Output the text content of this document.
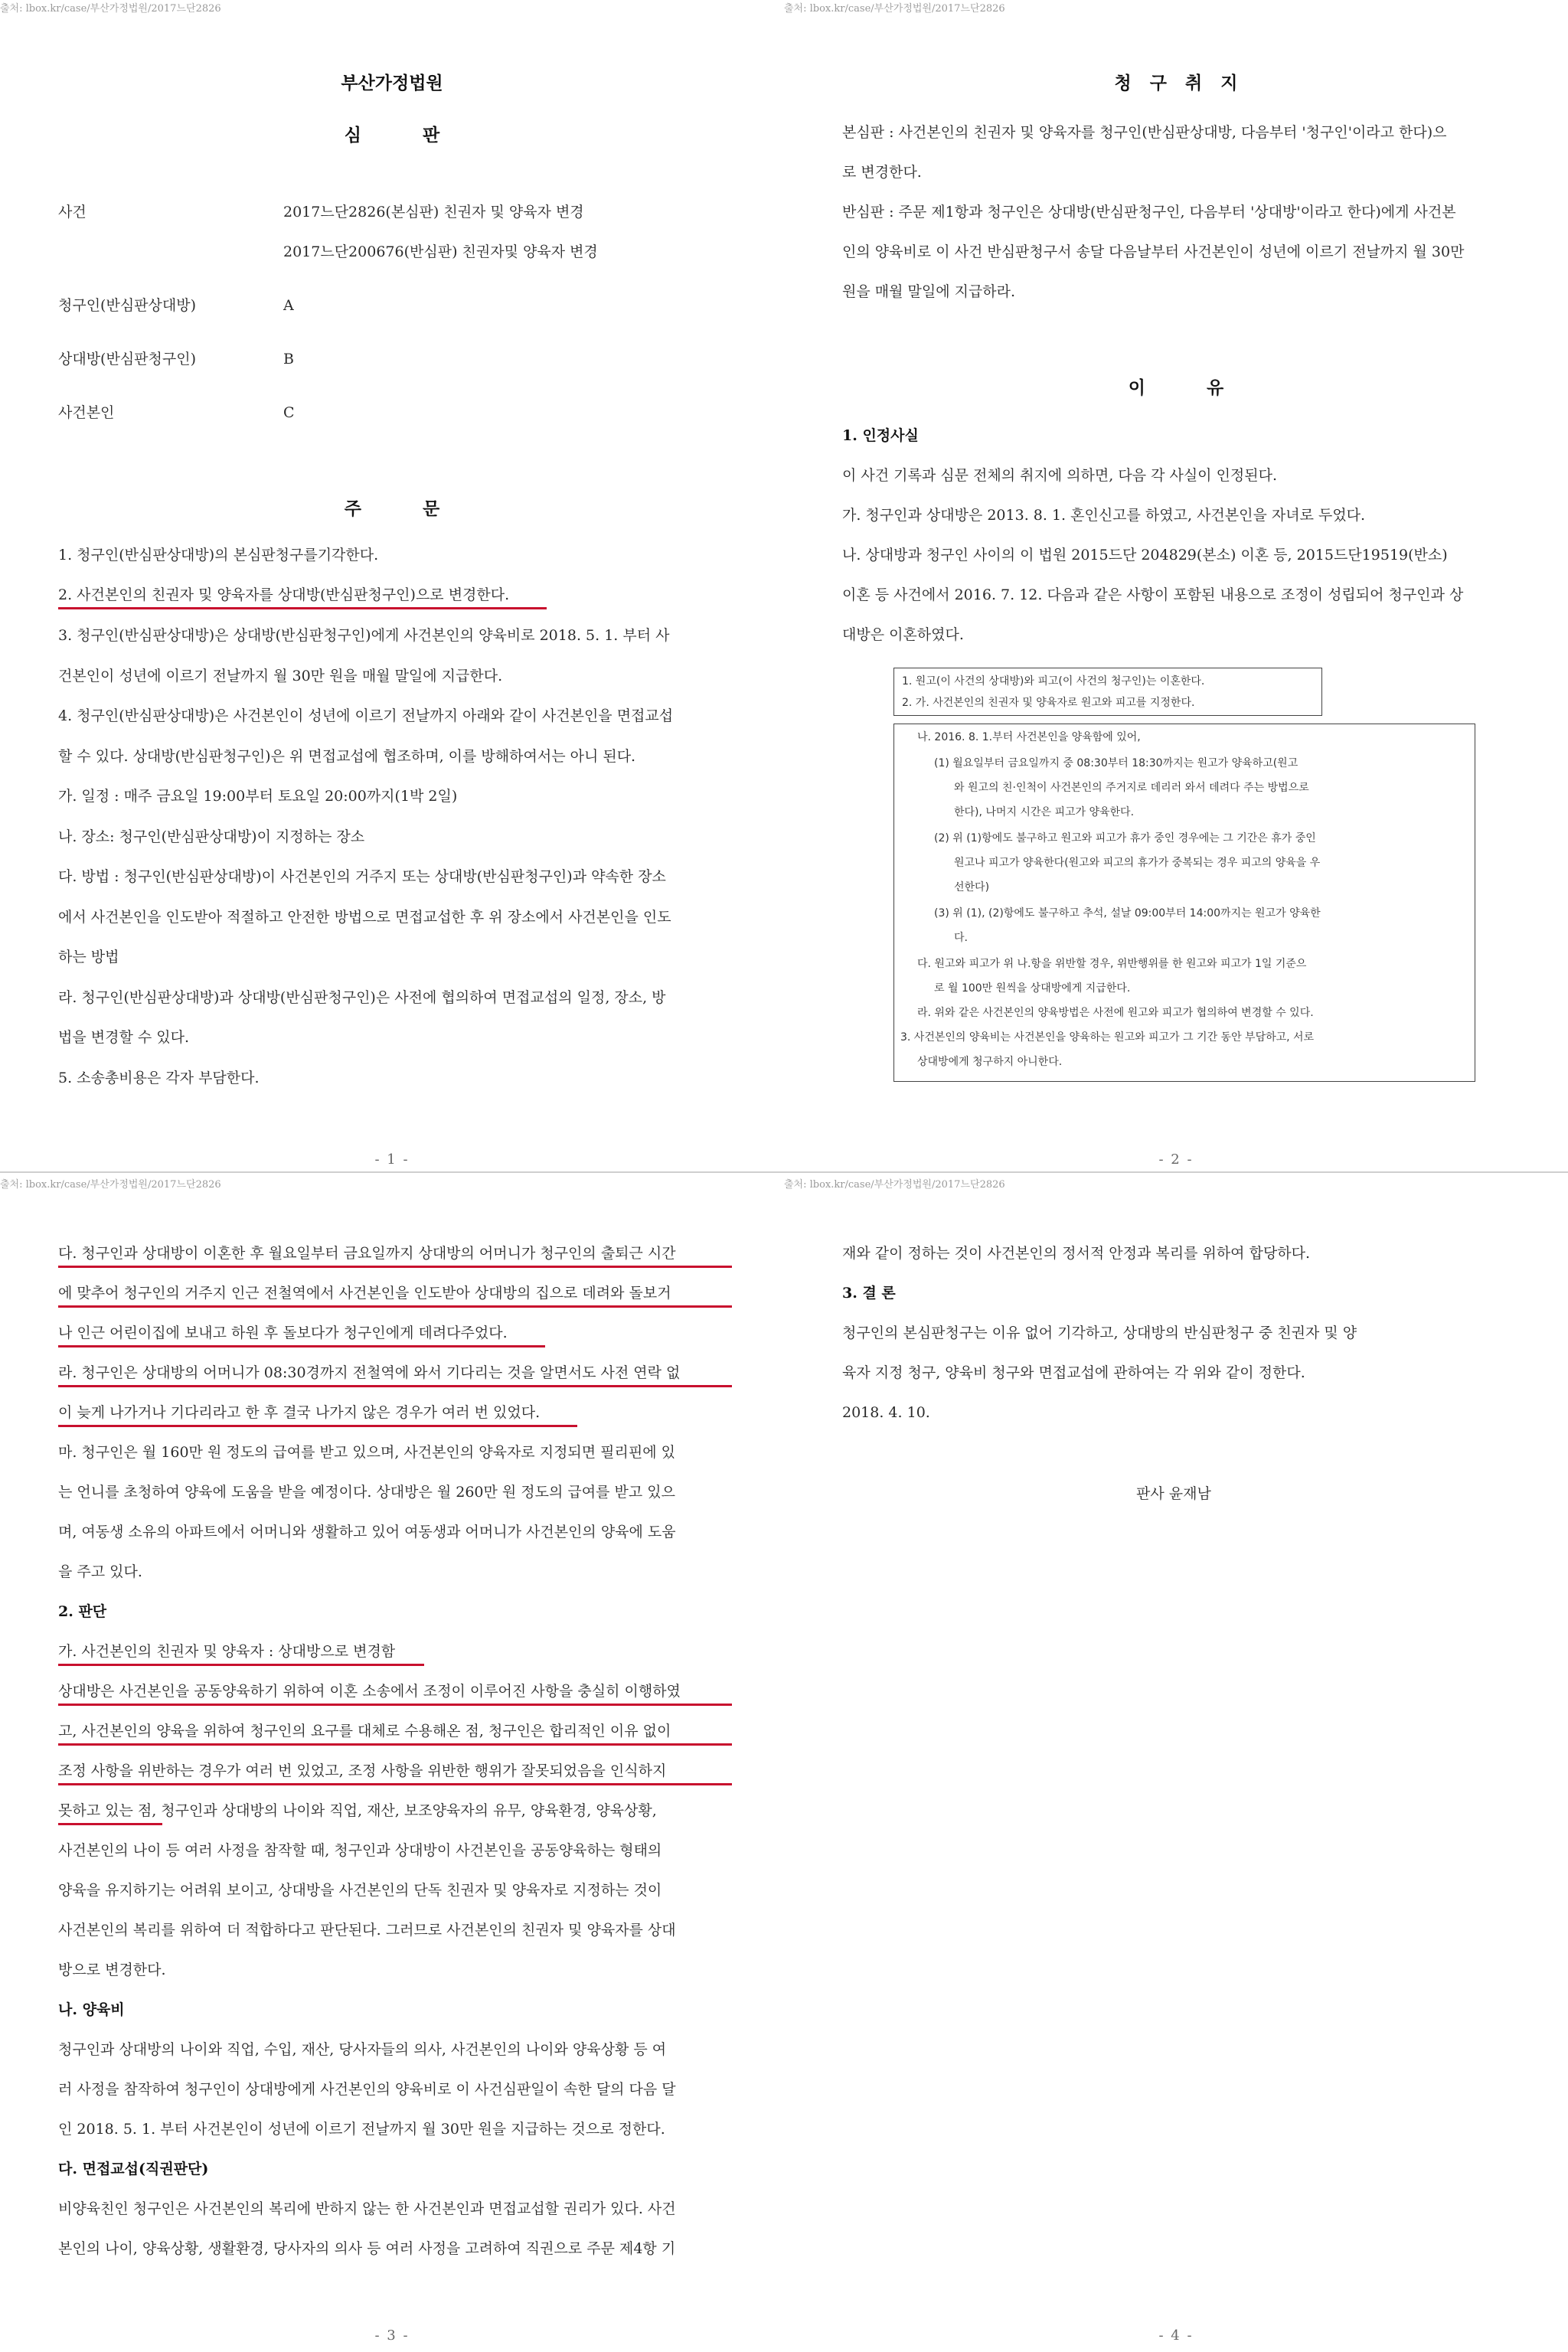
출처: lbox.kr/case/부산가정법원/2017느단2826
부산가정법원
심          판
사건	2017느단2826(본심판) 친권자 및 양육자 변경
2017느단200676(반심판) 친권자및 양육자 변경
청구인(반심판상대방)	A
상대방(반심판청구인)	B
사건본인	C
주          문
1. 청구인(반심판상대방)의 본심판청구를기각한다.
2. 사건본인의 친권자 및 양육자를 상대방(반심판청구인)으로 변경한다.
3. 청구인(반심판상대방)은 상대방(반심판청구인)에게 사건본인의 양육비로 2018. 5. 1. 부터 사
건본인이 성년에 이르기 전날까지 월 30만 원을 매월 말일에 지급한다.
4. 청구인(반심판상대방)은 사건본인이 성년에 이르기 전날까지 아래와 같이 사건본인을 면접교섭
할 수 있다. 상대방(반심판청구인)은 위 면접교섭에 협조하며, 이를 방해하여서는 아니 된다.
가. 일정 : 매주 금요일 19:00부터 토요일 20:00까지(1박 2일)
나. 장소: 청구인(반심판상대방)이 지정하는 장소
다. 방법 : 청구인(반심판상대방)이 사건본인의 거주지 또는 상대방(반심판청구인)과 약속한 장소
에서 사건본인을 인도받아 적절하고 안전한 방법으로 면접교섭한 후 위 장소에서 사건본인을 인도
하는 방법
라. 청구인(반심판상대방)과 상대방(반심판청구인)은 사전에 협의하여 면접교섭의 일정, 장소, 방
법을 변경할 수 있다.
5. 소송총비용은 각자 부담한다.
- 1 -
출처: lbox.kr/case/부산가정법원/2017느단2826
청   구   취   지
본심판 : 사건본인의 친권자 및 양육자를 청구인(반심판상대방, 다음부터 '청구인'이라고 한다)으
로 변경한다.
반심판 : 주문 제1항과 청구인은 상대방(반심판청구인, 다음부터 '상대방'이라고 한다)에게 사건본
인의 양육비로 이 사건 반심판청구서 송달 다음날부터 사건본인이 성년에 이르기 전날까지 월 30만
원을 매월 말일에 지급하라.
이          유
1. 인정사실
이 사건 기록과 심문 전체의 취지에 의하면, 다음 각 사실이 인정된다.
가. 청구인과 상대방은 2013. 8. 1. 혼인신고를 하였고, 사건본인을 자녀로 두었다.
나. 상대방과 청구인 사이의 이 법원 2015드단 204829(본소) 이혼 등, 2015드단19519(반소)
이혼 등 사건에서 2016. 7. 12. 다음과 같은 사항이 포함된 내용으로 조정이 성립되어 청구인과 상
대방은 이혼하였다.
1. 원고(이 사건의 상대방)와 피고(이 사건의 청구인)는 이혼한다.
2. 가. 사건본인의 친권자 및 양육자로 원고와 피고를 지정한다.
나. 2016. 8. 1.부터 사건본인을 양육함에 있어,
(1) 월요일부터 금요일까지 중 08:30부터 18:30까지는 원고가 양육하고(원고
와 원고의 친·인척이 사건본인의 주거지로 데리러 와서 데려다 주는 방법으로
한다), 나머지 시간은 피고가 양육한다.
(2) 위 (1)항에도 불구하고 원고와 피고가 휴가 중인 경우에는 그 기간은 휴가 중인
원고나 피고가 양육한다(원고와 피고의 휴가가 중복되는 경우 피고의 양육을 우
선한다)
(3) 위 (1), (2)항에도 불구하고 추석, 설날 09:00부터 14:00까지는 원고가 양육한
다.
다. 원고와 피고가 위 나.항을 위반할 경우, 위반행위를 한 원고와 피고가 1일 기준으
로 월 100만 원씩을 상대방에게 지급한다.
라. 위와 같은 사건본인의 양육방법은 사전에 원고와 피고가 협의하여 변경할 수 있다.
3. 사건본인의 양육비는 사건본인을 양육하는 원고와 피고가 그 기간 동안 부담하고, 서로
상대방에게 청구하지 아니한다.
- 2 -
출처: lbox.kr/case/부산가정법원/2017느단2826
다. 청구인과 상대방이 이혼한 후 월요일부터 금요일까지 상대방의 어머니가 청구인의 출퇴근 시간
에 맞추어 청구인의 거주지 인근 전철역에서 사건본인을 인도받아 상대방의 집으로 데려와 돌보거
나 인근 어린이집에 보내고 하원 후 돌보다가 청구인에게 데려다주었다.
라. 청구인은 상대방의 어머니가 08:30경까지 전철역에 와서 기다리는 것을 알면서도 사전 연락 없
이 늦게 나가거나 기다리라고 한 후 결국 나가지 않은 경우가 여러 번 있었다.
마. 청구인은 월 160만 원 정도의 급여를 받고 있으며, 사건본인의 양육자로 지정되면 필리핀에 있
는 언니를 초청하여 양육에 도움을 받을 예정이다. 상대방은 월 260만 원 정도의 급여를 받고 있으
며, 여동생 소유의 아파트에서 어머니와 생활하고 있어 여동생과 어머니가 사건본인의 양육에 도움
을 주고 있다.
2. 판단
가. 사건본인의 친권자 및 양육자 : 상대방으로 변경함
상대방은 사건본인을 공동양육하기 위하여 이혼 소송에서 조정이 이루어진 사항을 충실히 이행하였
고, 사건본인의 양육을 위하여 청구인의 요구를 대체로 수용해온 점, 청구인은 합리적인 이유 없이
조정 사항을 위반하는 경우가 여러 번 있었고, 조정 사항을 위반한 행위가 잘못되었음을 인식하지
못하고 있는 점, 청구인과 상대방의 나이와 직업, 재산, 보조양육자의 유무, 양육환경, 양육상황,
사건본인의 나이 등 여러 사정을 참작할 때, 청구인과 상대방이 사건본인을 공동양육하는 형태의
양육을 유지하기는 어려워 보이고, 상대방을 사건본인의 단독 친권자 및 양육자로 지정하는 것이
사건본인의 복리를 위하여 더 적합하다고 판단된다. 그러므로 사건본인의 친권자 및 양육자를 상대
방으로 변경한다.
나. 양육비
청구인과 상대방의 나이와 직업, 수입, 재산, 당사자들의 의사, 사건본인의 나이와 양육상황 등 여
러 사정을 참작하여 청구인이 상대방에게 사건본인의 양육비로 이 사건심판일이 속한 달의 다음 달
인 2018. 5. 1. 부터 사건본인이 성년에 이르기 전날까지 월 30만 원을 지급하는 것으로 정한다.
다. 면접교섭(직권판단)
비양육친인 청구인은 사건본인의 복리에 반하지 않는 한 사건본인과 면접교섭할 권리가 있다. 사건
본인의 나이, 양육상황, 생활환경, 당사자의 의사 등 여러 사정을 고려하여 직권으로 주문 제4항 기
- 3 -
출처: lbox.kr/case/부산가정법원/2017느단2826
재와 같이 정하는 것이 사건본인의 정서적 안정과 복리를 위하여 합당하다.
3. 결 론
청구인의 본심판청구는 이유 없어 기각하고, 상대방의 반심판청구 중 친권자 및 양
육자 지정 청구, 양육비 청구와 면접교섭에 관하여는 각 위와 같이 정한다.
2018. 4. 10.
판사 윤재남
- 4 -
